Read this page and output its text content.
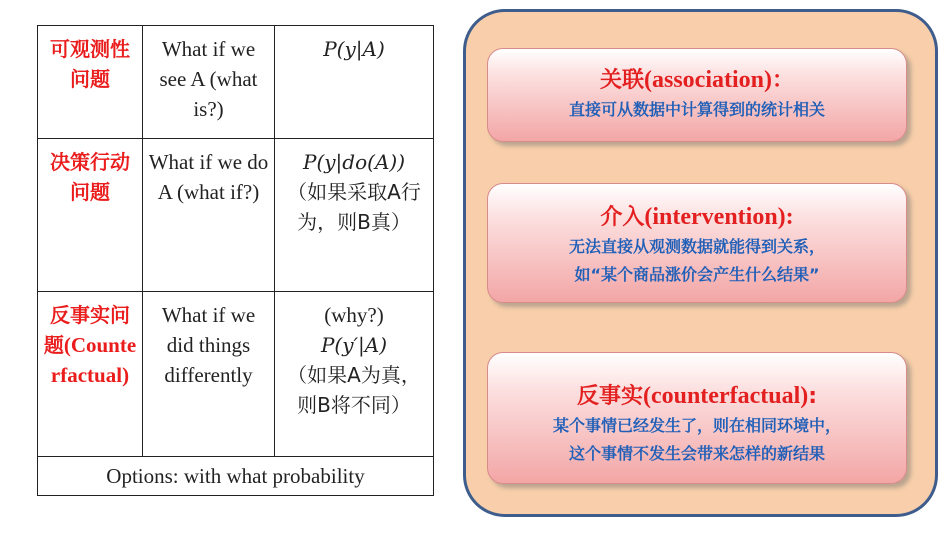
可观测性问题	What if we see A (what is?)	P(y|A)
决策行动问题	What if we do A (what if?)	P(y|do(A))
（如果采取A行为，则B真）

反事实问题(Counterfactual)	What if we did things differently	(why?)
P(y′|A)
（如果A为真，则B将不同）

Options: with what probability		
关联(association)：
直接可从数据中计算得到的统计相关
介入(intervention):
无法直接从观测数据就能得到关系，
如“某个商品涨价会产生什么结果”
反事实(counterfactual):
某个事情已经发生了，则在相同环境中，
这个事情不发生会带来怎样的新结果
